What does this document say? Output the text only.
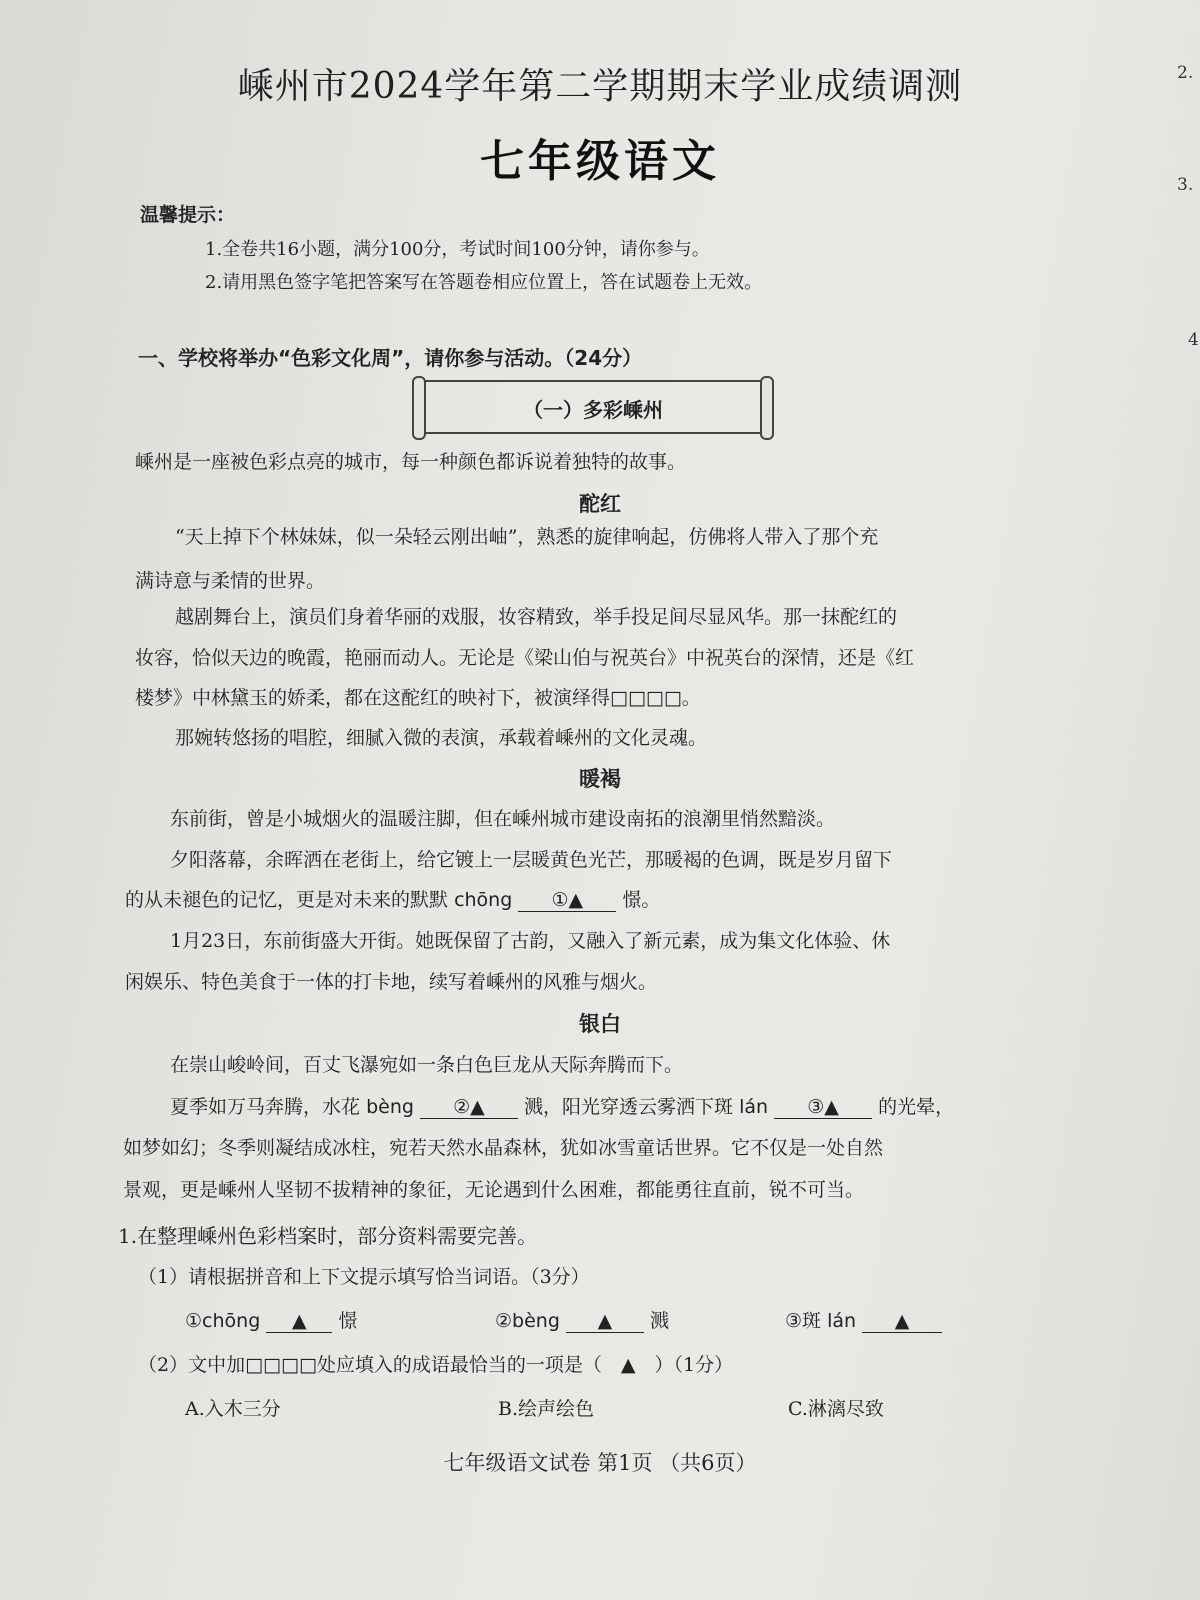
2.
3.
4
嵊州市2024学年第二学期期末学业成绩调测
七年级语文
温馨提示：
1.全卷共16小题，满分100分，考试时间100分钟，请你参与。
2.请用黑色签字笔把答案写在答题卷相应位置上，答在试题卷上无效。
一、学校将举办“色彩文化周”，请你参与活动。（24分）
（一）多彩嵊州
嵊州是一座被色彩点亮的城市，每一种颜色都诉说着独特的故事。
酡红
“天上掉下个林妹妹，似一朵轻云刚出岫”，熟悉的旋律响起，仿佛将人带入了那个充
满诗意与柔情的世界。
越剧舞台上，演员们身着华丽的戏服，妆容精致，举手投足间尽显风华。那一抹酡红的
妆容，恰似天边的晚霞，艳丽而动人。无论是《梁山伯与祝英台》中祝英台的深情，还是《红
楼梦》中林黛玉的娇柔，都在这酡红的映衬下，被演绎得□□□□。
那婉转悠扬的唱腔，细腻入微的表演，承载着嵊州的文化灵魂。
暖褐
东前街，曾是小城烟火的温暖注脚，但在嵊州城市建设南拓的浪潮里悄然黯淡。
夕阳落幕，余晖洒在老街上，给它镀上一层暖黄色光芒，那暖褐的色调，既是岁月留下
的从未褪色的记忆，更是对未来的默默 chōng ①▲ 憬。
1月23日，东前街盛大开街。她既保留了古韵，又融入了新元素，成为集文化体验、休
闲娱乐、特色美食于一体的打卡地，续写着嵊州的风雅与烟火。
银白
在崇山峻岭间，百丈飞瀑宛如一条白色巨龙从天际奔腾而下。
夏季如万马奔腾，水花 bèng ②▲ 溅，阳光穿透云雾洒下斑 lán ③▲ 的光晕，
如梦如幻；冬季则凝结成冰柱，宛若天然水晶森林，犹如冰雪童话世界。它不仅是一处自然
景观，更是嵊州人坚韧不拔精神的象征，无论遇到什么困难，都能勇往直前，锐不可当。
1.在整理嵊州色彩档案时，部分资料需要完善。
（1）请根据拼音和上下文提示填写恰当词语。（3分）
①chōng ▲ 憬	②bèng ▲ 溅	③斑 lán ▲
（2）文中加□□□□处应填入的成语最恰当的一项是（　▲　）（1分）
A.入木三分	B.绘声绘色	C.淋漓尽致
七年级语文试卷 第1页 （共6页）
